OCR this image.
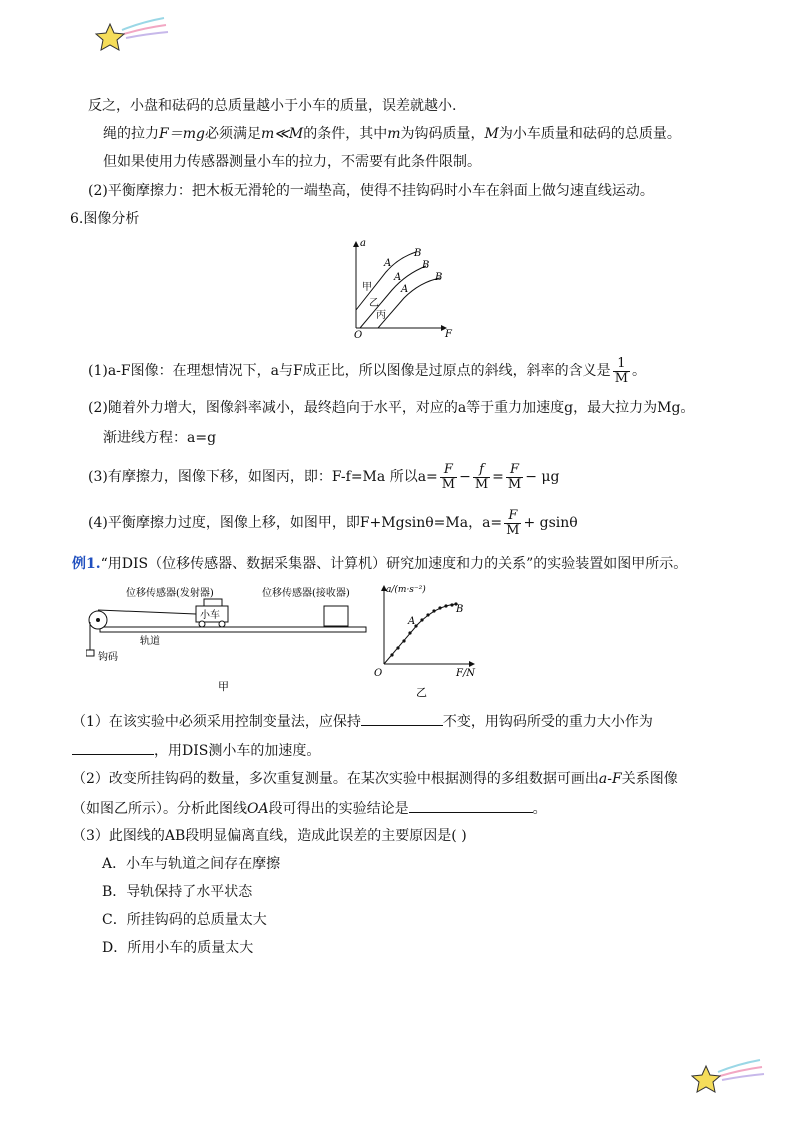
反之，小盘和砝码的总质量越小于小车的质量，误差就越小.
绳的拉力F＝mg必须满足m≪M的条件，其中m为钩码质量，M为小车质量和砝码的总质量。
但如果使用力传感器测量小车的拉力，不需要有此条件限制。
(2)平衡摩擦力：把木板无滑轮的一端垫高，使得不挂钩码时小车在斜面上做匀速直线运动。
6.图像分析
a
F
O
A
B
A
B
A
B
甲
乙
丙
(1)a-F图像：在理想情况下，a与F成正比，所以图像是过原点的斜线，斜率的含义是 $\frac{1}{M}$ 。
(2)随着外力增大，图像斜率减小，最终趋向于水平，对应的a等于重力加速度g，最大拉力为Mg。
渐进线方程：a=g
(3)有摩擦力，图像下移，如图丙，即：F-f=Ma 所以$a= \frac{F}{M} - \frac{f}{M} = \frac{F}{M} - \mu g$
(4)平衡摩擦力过度，图像上移，如图甲，即F+Mgsinθ=Ma，$a= \frac{F}{M} + gsin\theta$
例1.“用DIS（位移传感器、数据采集器、计算机）研究加速度和力的关系”的实验装置如图甲所示。
位移传感器(发射器)	位移传感器(接收器)
小车
轨道
钩码
甲
a/(m·s⁻²)
F/N
O
A
B
乙
（1）在该实验中必须采用控制变量法，应保持	不变，用钩码所受的重力大小作为
，用DIS测小车的加速度。
（2）改变所挂钩码的数量，多次重复测量。在某次实验中根据测得的多组数据可画出a-F关系图像
（如图乙所示）。分析此图线OA段可得出的实验结论是	。
（3）此图线的AB段明显偏离直线，造成此误差的主要原因是( )
A．小车与轨道之间存在摩擦
B．导轨保持了水平状态
C．所挂钩码的总质量太大
D．所用小车的质量太大
